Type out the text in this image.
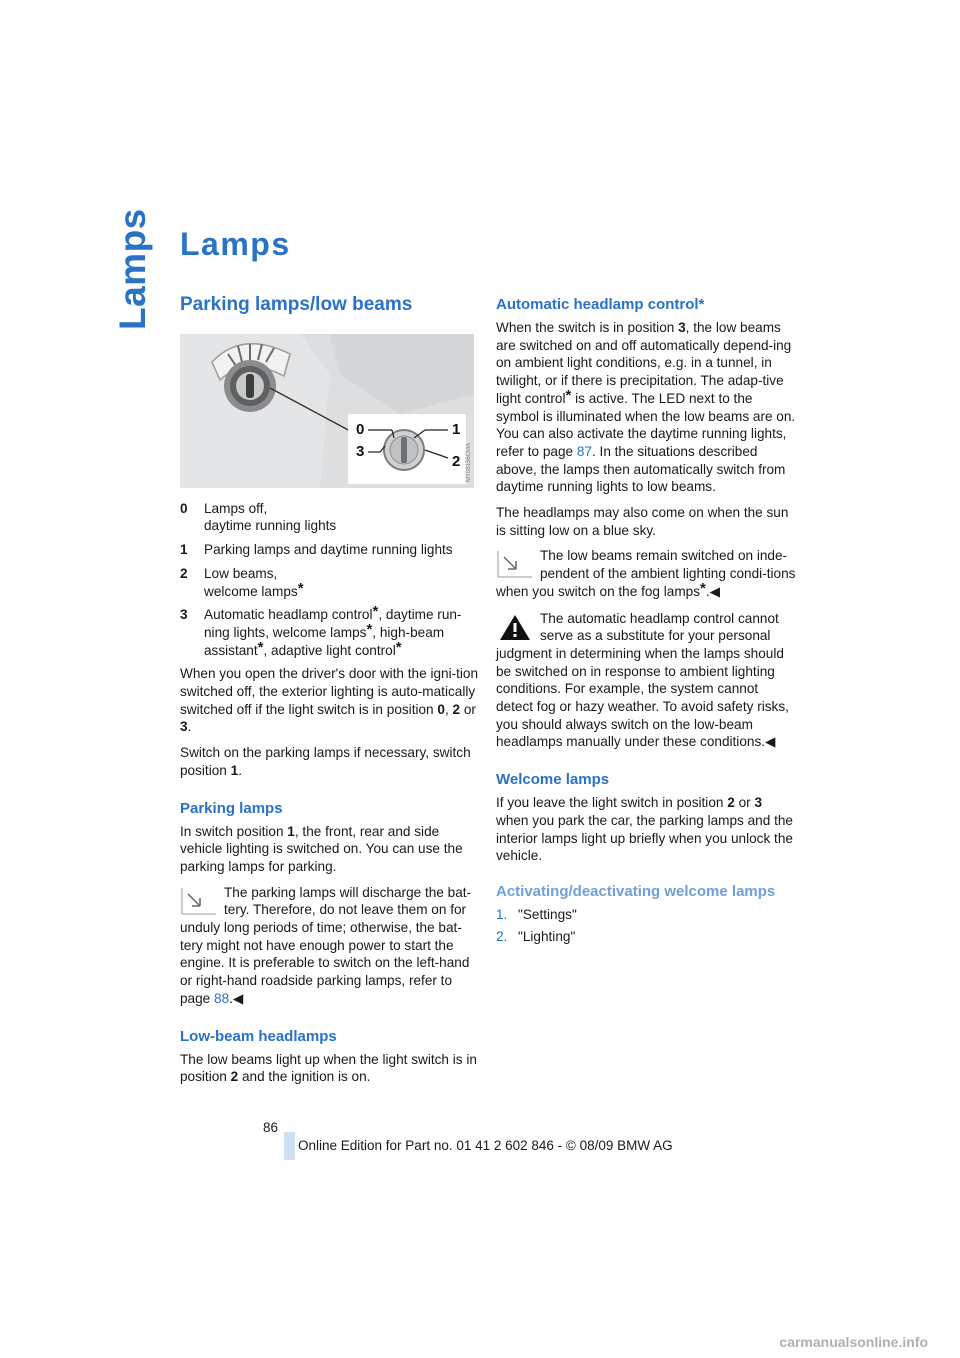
Lamps Lamps
Parking lamps/low beams
0	1
2
3	MY08156CMA
0	Lamps off,
daytime running lights
1	Parking lamps and daytime running lights
2	Low beams,
welcome lamps*
3	Automatic headlamp control*, daytime run-ning lights, welcome lamps*, high-beam assistant*, adaptive light control*

When you open the driver's door with the igni-tion switched off, the exterior lighting is auto-matically switched off if the light switch is in position 0, 2 or 3.

Switch on the parking lamps if necessary, switch position 1.

Parking lamps

In switch position 1, the front, rear and side vehicle lighting is switched on. You can use the parking lamps for parking.

The parking lamps will discharge the bat-tery. Therefore, do not leave them on for unduly long periods of time; otherwise, the bat-tery might not have enough power to start the engine. It is preferable to switch on the left-hand or right-hand roadside parking lamps, refer to page 88.◀
Low-beam headlamps

The low beams light up when the light switch is in position 2 and the ignition is on.

Automatic headlamp control*

When the switch is in position 3, the low beams are switched on and off automatically depend-ing on ambient light conditions, e.g. in a tunnel, in twilight, or if there is precipitation. The adap-tive light control* is active. The LED next to the symbol is illuminated when the low beams are on. You can also activate the daytime running lights, refer to page 87. In the situations described above, the lamps then automatically switch from daytime running lights to low beams.

The headlamps may also come on when the sun is sitting low on a blue sky.

The low beams remain switched on inde-pendent of the ambient lighting condi-tions when you switch on the fog lamps*.◀
The automatic headlamp control cannot serve as a substitute for your personal judgment in determining when the lamps should be switched on in response to ambient lighting conditions. For example, the system cannot detect fog or hazy weather. To avoid safety risks, you should always switch on the low-beam headlamps manually under these conditions.◀
Welcome lamps

If you leave the light switch in position 2 or 3 when you park the car, the parking lamps and the interior lamps light up briefly when you unlock the vehicle.

Activating/deactivating welcome lamps
1. "Settings"
2. "Lighting"
86
Online Edition for Part no. 01 41 2 602 846 - © 08/09 BMW AG
carmanualsonline.info
